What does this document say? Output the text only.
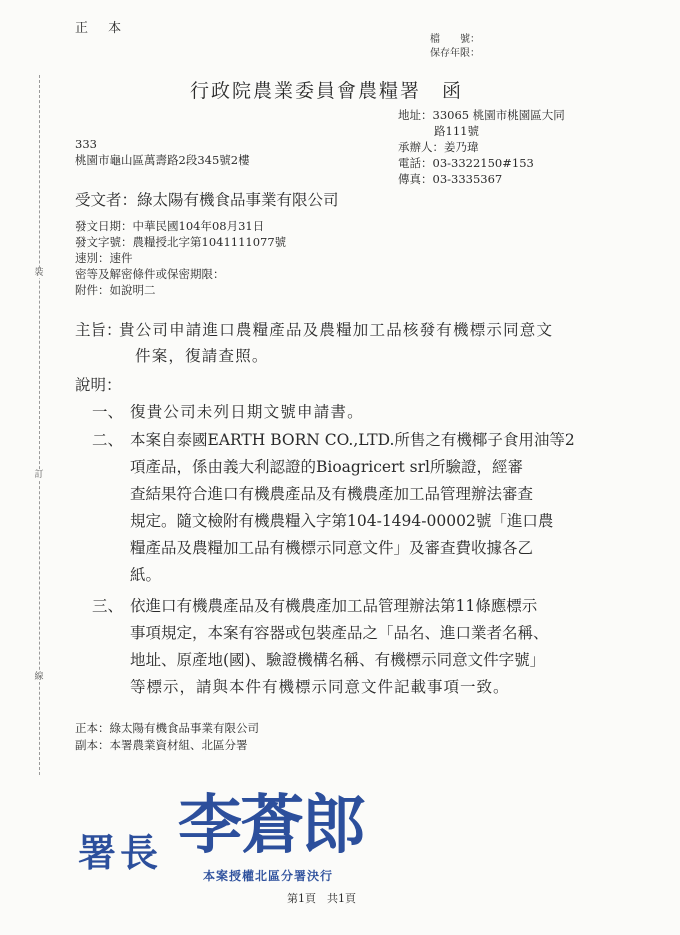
裝
訂
線
正 本
檔　　號：
保存年限：
行政院農業委員會農糧署　函
地址：33065 桃園市桃園區大同
路111號
承辦人：姜乃瑋
電話：03-3322150#153
傳真：03-3335367
333
桃園市龜山區萬壽路2段345號2樓
受文者：綠太陽有機食品事業有限公司
發文日期：中華民國104年08月31日
發文字號：農糧授北字第1041111077號
速別：速件
密等及解密條件或保密期限：
附件：如說明二
主旨：
貴公司申請進口農糧產品及農糧加工品核發有機標示同意文
件案，復請查照。
說明：
一、 復貴公司未列日期文號申請書。
二、 本案自泰國EARTH BORN CO.,LTD.所售之有機椰子食用油等2
項產品，係由義大利認證的Bioagricert srl所驗證，經審
查結果符合進口有機農產品及有機農產加工品管理辦法審查
規定。隨文檢附有機農糧入字第104-1494-00002號「進口農
糧產品及農糧加工品有機標示同意文件」及審查費收據各乙
紙。
三、 依進口有機農產品及有機農產加工品管理辦法第11條應標示
事項規定，本案有容器或包裝產品之「品名、進口業者名稱、
地址、原產地(國)、驗證機構名稱、有機標示同意文件字號」
等標示，請與本件有機標示同意文件記載事項一致。
正本：綠太陽有機食品事業有限公司
副本：本署農業資材組、北區分署
署長 李蒼郎
本案授權北區分署決行
第1頁　共1頁
